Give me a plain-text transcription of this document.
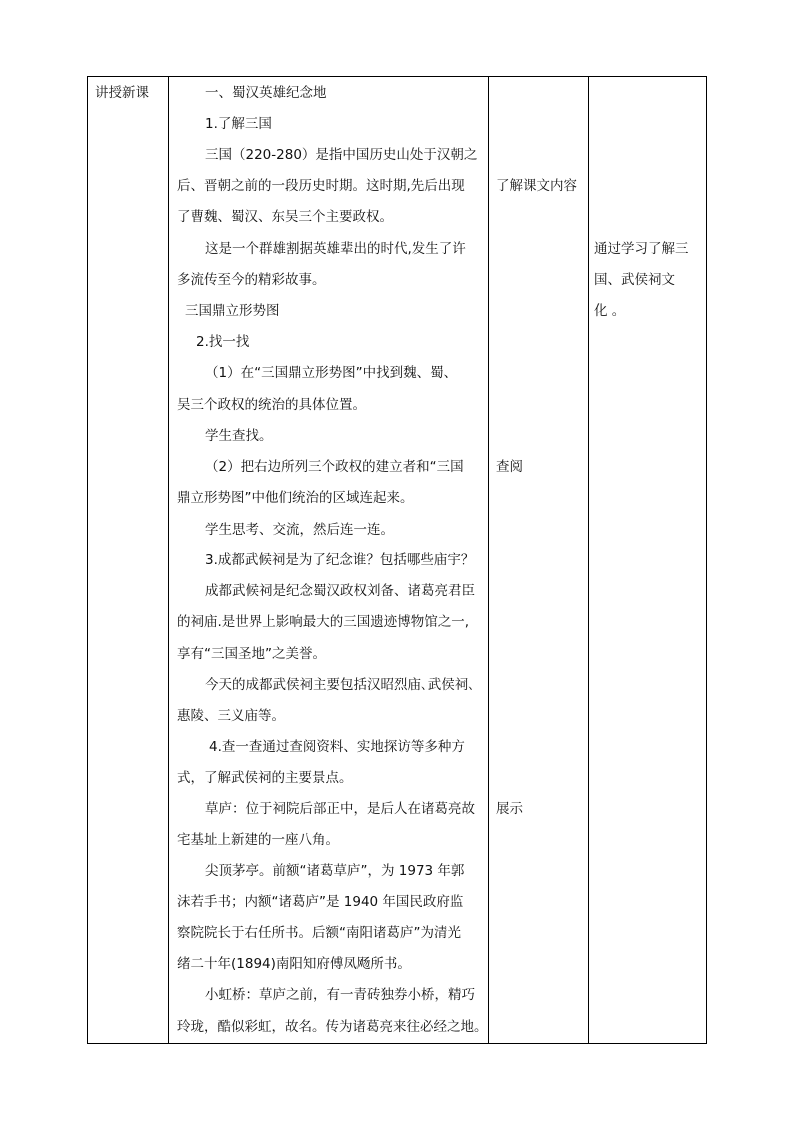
讲授新课	一、蜀汉英雄纪念地
1.了解三国
三国（220-280）是指中国历史山处于汉朝之
后、晋朝之前的一段历史时期。这时期,先后出现
了曹魏、蜀汉、东吴三个主要政权。
这是一个群雄割据英雄辈出的时代,发生了许
多流传至今的精彩故事。
三国鼎立形势图
2.找一找
（1）在“三国鼎立形势图”中找到魏、蜀、
吴三个政权的统治的具体位置。
学生查找。
（2）把右边所列三个政权的建立者和“三国
鼎立形势图”中他们统治的区域连起来。
学生思考、交流，然后连一连。
3.成都武候祠是为了纪念谁？包括哪些庙宇？
成都武候祠是纪念蜀汉政权刘备、诸葛亮君臣
的祠庙.是世界上影响最大的三国遗迹博物馆之一,
享有“三国圣地”之美誉。
今天的成都武侯祠主要包括汉昭烈庙､武侯祠､
惠陵、三义庙等。
4.查一查通过查阅资料、实地探访等多种方
式，了解武侯祠的主要景点。
草庐：位于祠院后部正中，是后人在诸葛亮故
宅基址上新建的一座八角。
尖顶茅亭。前额“诸葛草庐”，为 1973 年郭
沫若手书；内额“诸葛庐”是 1940 年国民政府监
察院院长于右任所书。后额“南阳诸葛庐”为清光
绪二十年(1894)南阳知府傅凤飏所书。
小虹桥：草庐之前，有一青砖独券小桥，精巧
玲珑，酷似彩虹，故名。传为诸葛亮来往必经之地。
了解课文内容
查阅
展示
通过学习了解三
国、武侯祠文
化 。
